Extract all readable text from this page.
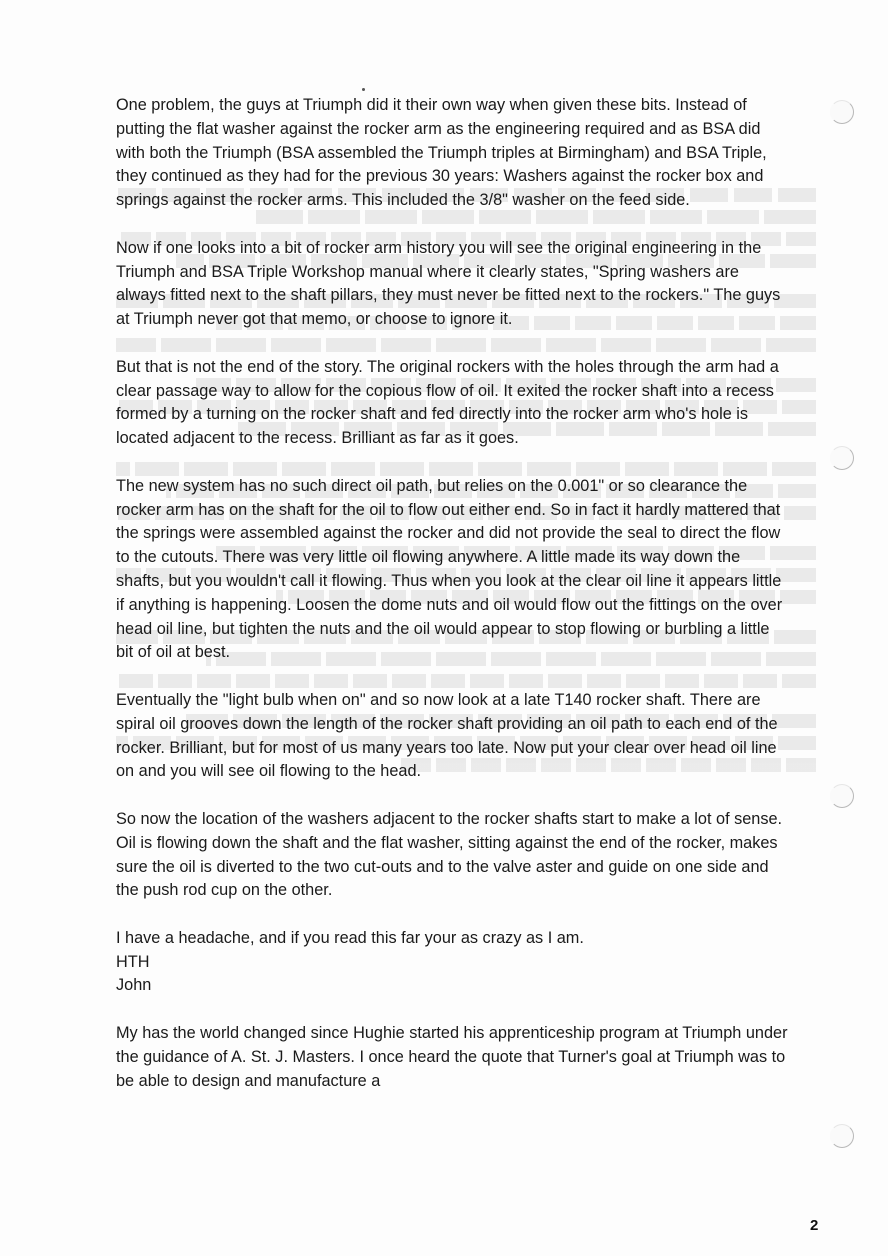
One problem, the guys at Triumph did it their own way when given these bits. Instead of putting the flat washer against the rocker arm as the engineering required and as BSA did with both the Triumph (BSA assembled the Triumph triples at Birmingham) and BSA Triple, they continued as they had for the previous 30 years: Washers against the rocker box and springs against the rocker arms. This included the 3/8" washer on the feed side.

Now if one looks into a bit of rocker arm history you will see the original engineering in the Triumph and BSA Triple Workshop manual where it clearly states, "Spring washers are always fitted next to the shaft pillars, they must never be fitted next to the rockers." The guys at Triumph never got that memo, or choose to ignore it.

But that is not the end of the story. The original rockers with the holes through the arm had a clear passage way to allow for the copious flow of oil. It exited the rocker shaft into a recess formed by a turning on the rocker shaft and fed directly into the rocker arm who's hole is located adjacent to the recess. Brilliant as far as it goes.

The new system has no such direct oil path, but relies on the 0.001" or so clearance the rocker arm has on the shaft for the oil to flow out either end. So in fact it hardly mattered that the springs were assembled against the rocker and did not provide the seal to direct the flow to the cutouts. There was very little oil flowing anywhere. A little made its way down the shafts, but you wouldn't call it flowing. Thus when you look at the clear oil line it appears little if anything is happening. Loosen the dome nuts and oil would flow out the fittings on the over head oil line, but tighten the nuts and the oil would appear to stop flowing or burbling a little bit of oil at best.

Eventually the "light bulb when on" and so now look at a late T140 rocker shaft. There are spiral oil grooves down the length of the rocker shaft providing an oil path to each end of the rocker. Brilliant, but for most of us many years too late. Now put your clear over head oil line on and you will see oil flowing to the head.

So now the location of the washers adjacent to the rocker shafts start to make a lot of sense. Oil is flowing down the shaft and the flat washer, sitting against the end of the rocker, makes sure the oil is diverted to the two cut-outs and to the valve aster and guide on one side and the push rod cup on the other.

I have a headache, and if you read this far your as crazy as I am.

HTH

John

My has the world changed since Hughie started his apprenticeship program at Triumph under the guidance of A. St. J. Masters. I once heard the quote that Turner's goal at Triumph was to be able to design and manufacture a

2
